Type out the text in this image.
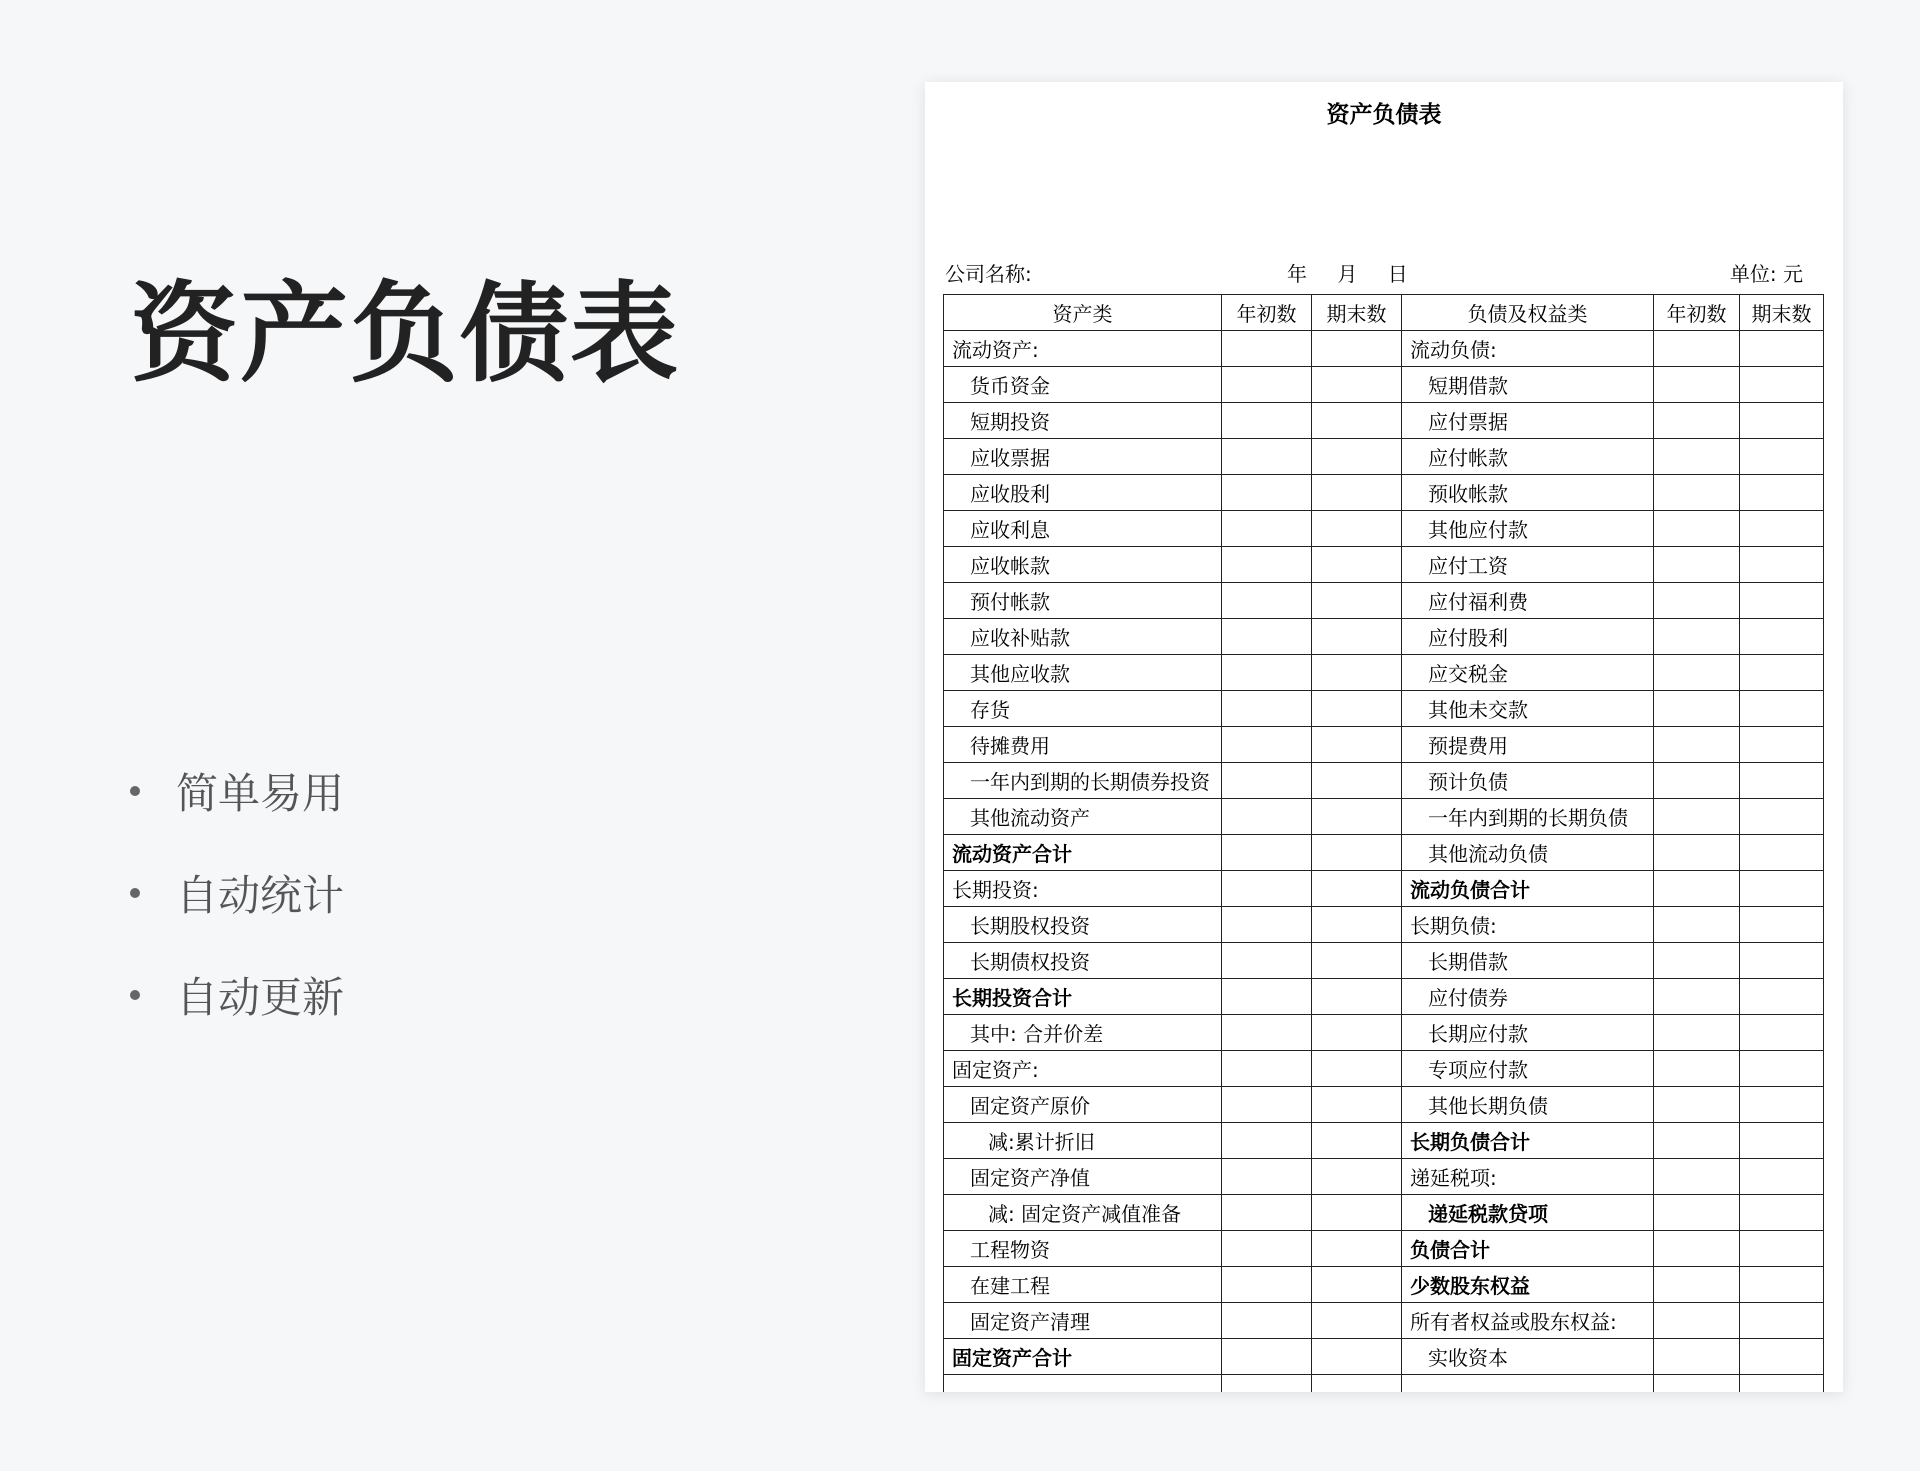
资产负债表
简单易用
自动统计
自动更新
资产负债表
公司名称:	年 月 日	单位: 元
资产类	年初数	期末数	负债及权益类	年初数	期末数
流动资产:			流动负债:		
货币资金			短期借款		
短期投资			应付票据		
应收票据			应付帐款		
应收股利			预收帐款		
应收利息			其他应付款		
应收帐款			应付工资		
预付帐款			应付福利费		
应收补贴款			应付股利		
其他应收款			应交税金		
存货			其他未交款		
待摊费用			预提费用		
一年内到期的长期债券投资			预计负债		
其他流动资产			一年内到期的长期负债		
流动资产合计			其他流动负债		
长期投资:			流动负债合计		
长期股权投资			长期负债:		
长期债权投资			长期借款		
长期投资合计			应付债券		
其中: 合并价差			长期应付款		
固定资产:			专项应付款		
固定资产原价			其他长期负债		
减:累计折旧			长期负债合计		
固定资产净值			递延税项:		
减: 固定资产减值准备			递延税款贷项		
工程物资			负债合计		
在建工程			少数股东权益		
固定资产清理			所有者权益或股东权益:		
固定资产合计			实收资本		
